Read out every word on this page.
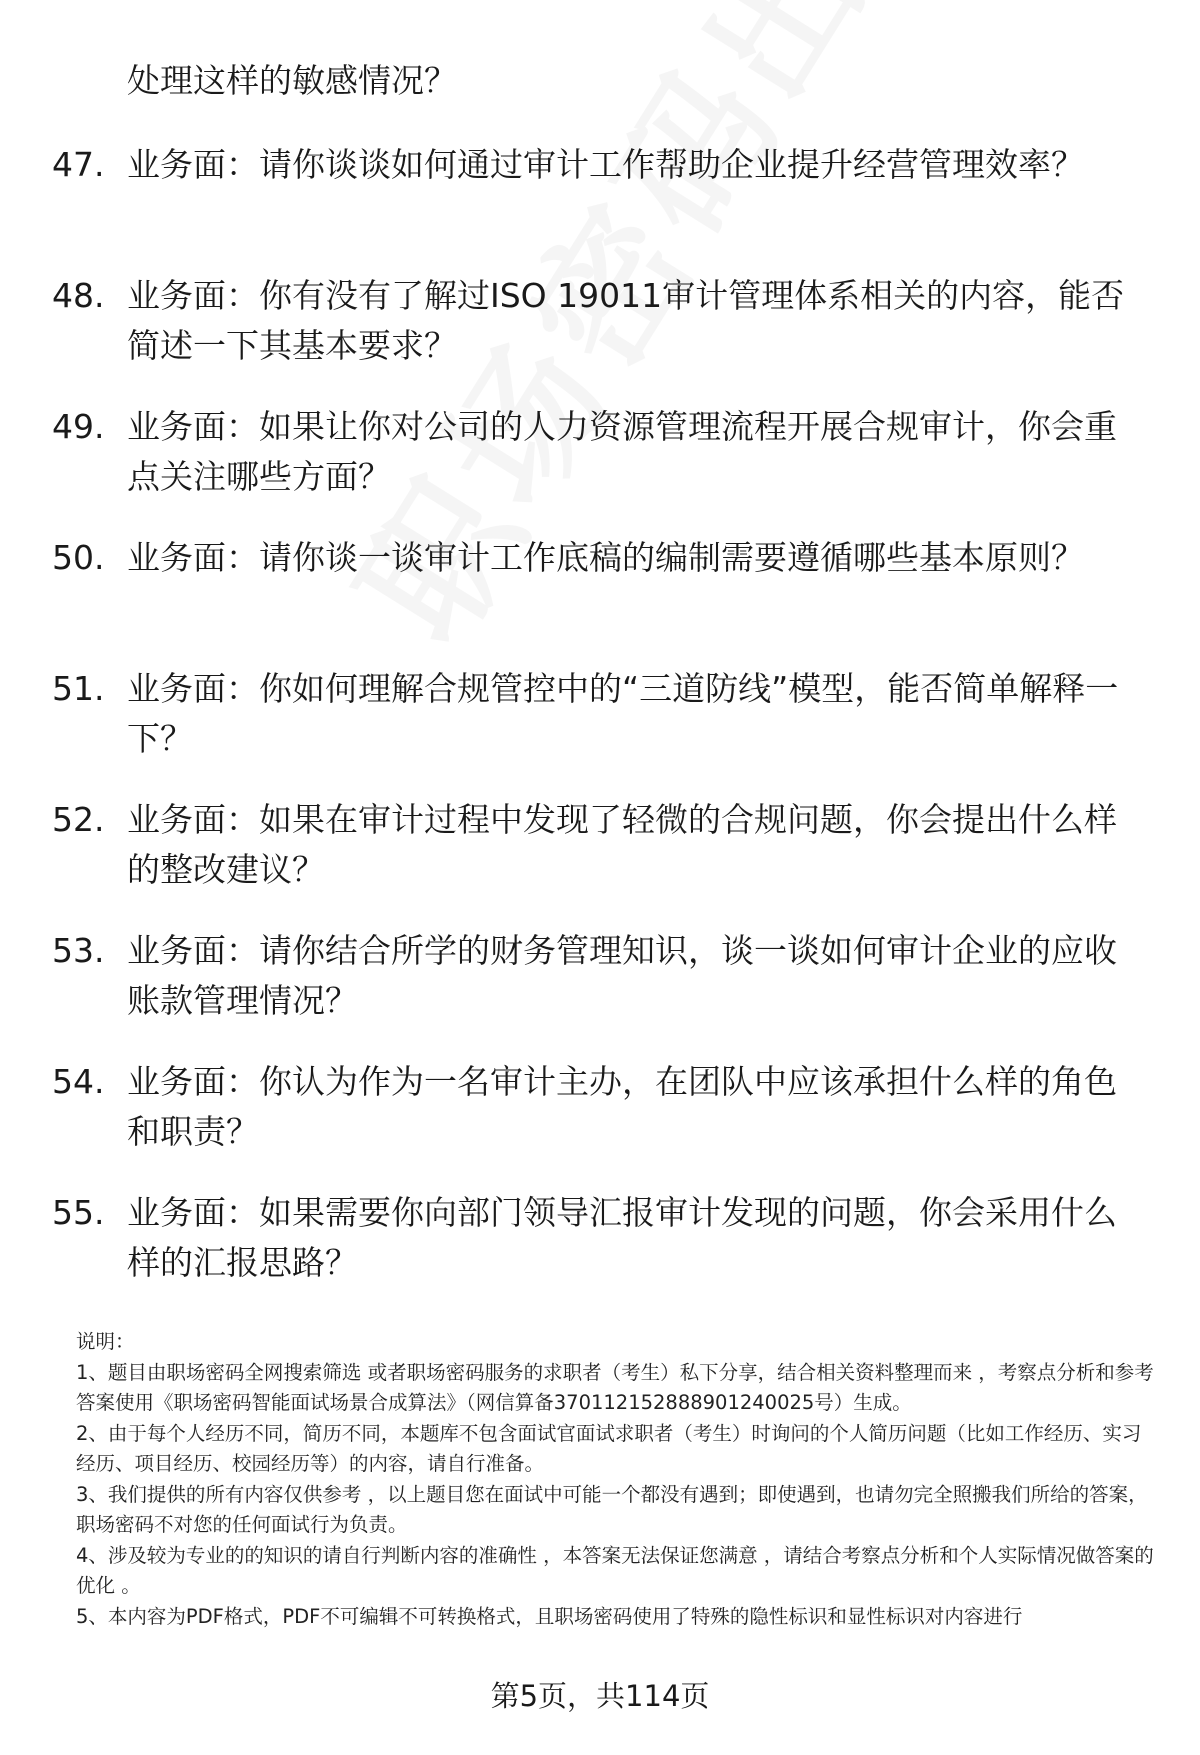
处理这样的敏感情况？
47. 业务面：请你谈谈如何通过审计工作帮助企业提升经营管理效率？
48. 业务面：你有没有了解过ISO 19011审计管理体系相关的内容，能否简述一下其基本要求？
49. 业务面：如果让你对公司的人力资源管理流程开展合规审计，你会重点关注哪些方面？
50. 业务面：请你谈一谈审计工作底稿的编制需要遵循哪些基本原则？
51. 业务面：你如何理解合规管控中的“三道防线”模型，能否简单解释一下？
52. 业务面：如果在审计过程中发现了轻微的合规问题，你会提出什么样的整改建议？
53. 业务面：请你结合所学的财务管理知识，谈一谈如何审计企业的应收账款管理情况？
54. 业务面：你认为作为一名审计主办，在团队中应该承担什么样的角色和职责？
55. 业务面：如果需要你向部门领导汇报审计发现的问题，你会采用什么样的汇报思路？

说明：

1、题目由职场密码全网搜索筛选 或者职场密码服务的求职者（考生）私下分享，结合相关资料整理而来 ，考察点分析和参考答案使用《职场密码智能面试场景合成算法》（网信算备370112152888901240025号）生成。

2、由于每个人经历不同，简历不同，本题库不包含面试官面试求职者（考生）时询问的个人简历问题（比如工作经历、实习经历、项目经历、校园经历等）的内容，请自行准备。

3、我们提供的所有内容仅供参考 ，以上题目您在面试中可能一个都没有遇到；即使遇到，也请勿完全照搬我们所给的答案，职场密码不对您的任何面试行为负责。

4、涉及较为专业的的知识的请自行判断内容的准确性 ，本答案无法保证您满意 ，请结合考察点分析和个人实际情况做答案的优化 。

5、本内容为PDF格式，PDF不可编辑不可转换格式，且职场密码使用了特殊的隐性标识和显性标识对内容进行

第5页，共114页
